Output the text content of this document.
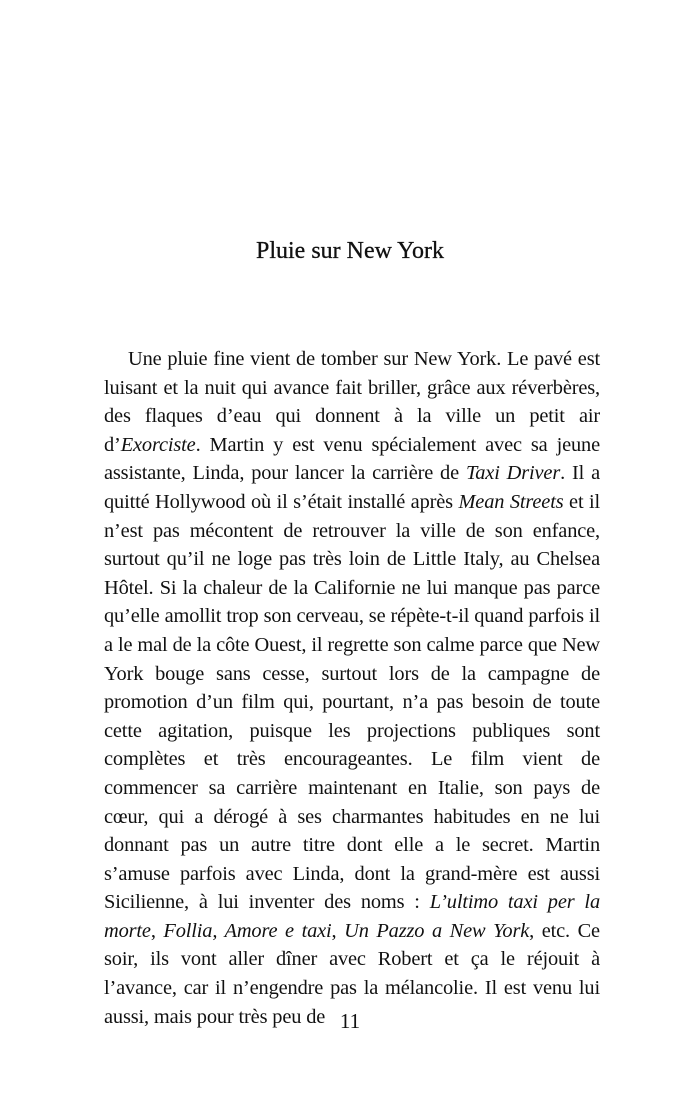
Pluie sur New York

Une pluie fine vient de tomber sur New York. Le pavé est luisant et la nuit qui avance fait briller, grâce aux réverbères, des flaques d’eau qui donnent à la ville un petit air d’Exorciste. Martin y est venu spécialement avec sa jeune assistante, Linda, pour lancer la carrière de Taxi Driver. Il a quitté Hollywood où il s’était installé après Mean Streets et il n’est pas mécontent de retrouver la ville de son enfance, surtout qu’il ne loge pas très loin de Little Italy, au Chelsea Hôtel. Si la chaleur de la Californie ne lui manque pas parce qu’elle amollit trop son cerveau, se répète-t-il quand parfois il a le mal de la côte Ouest, il regrette son calme parce que New York bouge sans cesse, surtout lors de la campagne de promotion d’un film qui, pourtant, n’a pas besoin de toute cette agitation, puisque les projections publiques sont complètes et très encourageantes. Le film vient de commencer sa carrière maintenant en Italie, son pays de cœur, qui a dérogé à ses charmantes habitudes en ne lui donnant pas un autre titre dont elle a le secret. Martin s’amuse parfois avec Linda, dont la grand-mère est aussi Sicilienne, à lui inventer des noms : L’ultimo taxi per la morte, Follia, Amore e taxi, Un Pazzo a New York, etc. Ce soir, ils vont aller dîner avec Robert et ça le réjouit à l’avance, car il n’engendre pas la mélancolie. Il est venu lui aussi, mais pour très peu de 11
